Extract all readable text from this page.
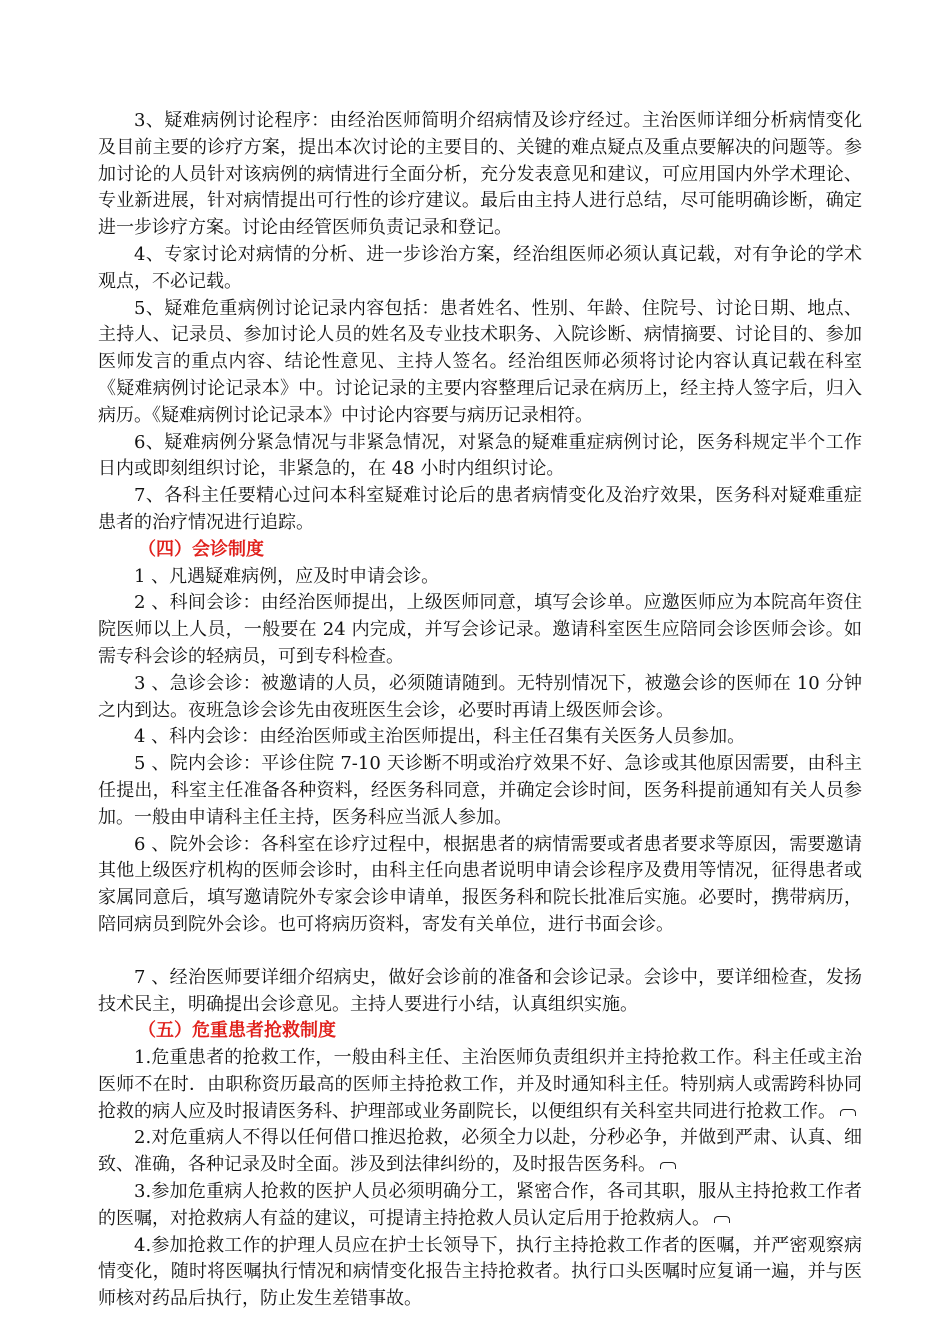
3、疑难病例讨论程序：由经治医师简明介绍病情及诊疗经过。主治医师详细分析病情变化及目前主要的诊疗方案，提出本次讨论的主要目的、关键的难点疑点及重点要解决的问题等。参加讨论的人员针对该病例的病情进行全面分析，充分发表意见和建议，可应用国内外学术理论、专业新进展，针对病情提出可行性的诊疗建议。最后由主持人进行总结，尽可能明确诊断，确定进一步诊疗方案。讨论由经管医师负责记录和登记。

4、专家讨论对病情的分析、进一步诊治方案，经治组医师必须认真记载，对有争论的学术观点，不必记载。

5、疑难危重病例讨论记录内容包括：患者姓名、性别、年龄、住院号、讨论日期、地点、主持人、记录员、参加讨论人员的姓名及专业技术职务、入院诊断、病情摘要、讨论目的、参加医师发言的重点内容、结论性意见、主持人签名。经治组医师必须将讨论内容认真记载在科室《疑难病例讨论记录本》中。讨论记录的主要内容整理后记录在病历上，经主持人签字后，归入病历。《疑难病例讨论记录本》中讨论内容要与病历记录相符。

6、疑难病例分紧急情况与非紧急情况，对紧急的疑难重症病例讨论，医务科规定半个工作日内或即刻组织讨论，非紧急的，在 48 小时内组织讨论。

7、各科主任要精心过问本科室疑难讨论后的患者病情变化及治疗效果，医务科对疑难重症患者的治疗情况进行追踪。

（四）会诊制度

1 、凡遇疑难病例，应及时申请会诊。

2 、科间会诊：由经治医师提出，上级医师同意，填写会诊单。应邀医师应为本院高年资住院医师以上人员，一般要在 24 内完成，并写会诊记录。邀请科室医生应陪同会诊医师会诊。如需专科会诊的轻病员，可到专科检查。

3 、急诊会诊：被邀请的人员，必须随请随到。无特别情况下，被邀会诊的医师在 10 分钟之内到达。夜班急诊会诊先由夜班医生会诊，必要时再请上级医师会诊。

4 、科内会诊：由经治医师或主治医师提出，科主任召集有关医务人员参加。

5 、院内会诊：平诊住院 7-10 天诊断不明或治疗效果不好、急诊或其他原因需要，由科主任提出，科室主任准备各种资料，经医务科同意，并确定会诊时间，医务科提前通知有关人员参加。一般由申请科主任主持，医务科应当派人参加。

6 、院外会诊：各科室在诊疗过程中，根据患者的病情需要或者患者要求等原因，需要邀请其他上级医疗机构的医师会诊时，由科主任向患者说明申请会诊程序及费用等情况，征得患者或家属同意后，填写邀请院外专家会诊申请单，报医务科和院长批准后实施。必要时，携带病历，陪同病员到院外会诊。也可将病历资料，寄发有关单位，进行书面会诊。

7 、经治医师要详细介绍病史，做好会诊前的准备和会诊记录。会诊中，要详细检查，发扬技术民主，明确提出会诊意见。主持人要进行小结，认真组织实施。

（五）危重患者抢救制度

1.危重患者的抢救工作，一般由科主任、主治医师负责组织并主持抢救工作。科主任或主治医师不在时．由职称资历最高的医师主持抢救工作，并及时通知科主任。特别病人或需跨科协同抢救的病人应及时报请医务科、护理部或业务副院长，以便组织有关科室共同进行抢救工作。

2.对危重病人不得以任何借口推迟抢救，必须全力以赴，分秒必争，并做到严肃、认真、细致、准确，各种记录及时全面。涉及到法律纠纷的，及时报告医务科。

3.参加危重病人抢救的医护人员必须明确分工，紧密合作，各司其职，服从主持抢救工作者的医嘱，对抢救病人有益的建议，可提请主持抢救人员认定后用于抢救病人。

4.参加抢救工作的护理人员应在护士长领导下，执行主持抢救工作者的医嘱，并严密观察病情变化，随时将医嘱执行情况和病情变化报告主持抢救者。执行口头医嘱时应复诵一遍，并与医师核对药品后执行，防止发生差错事故。
